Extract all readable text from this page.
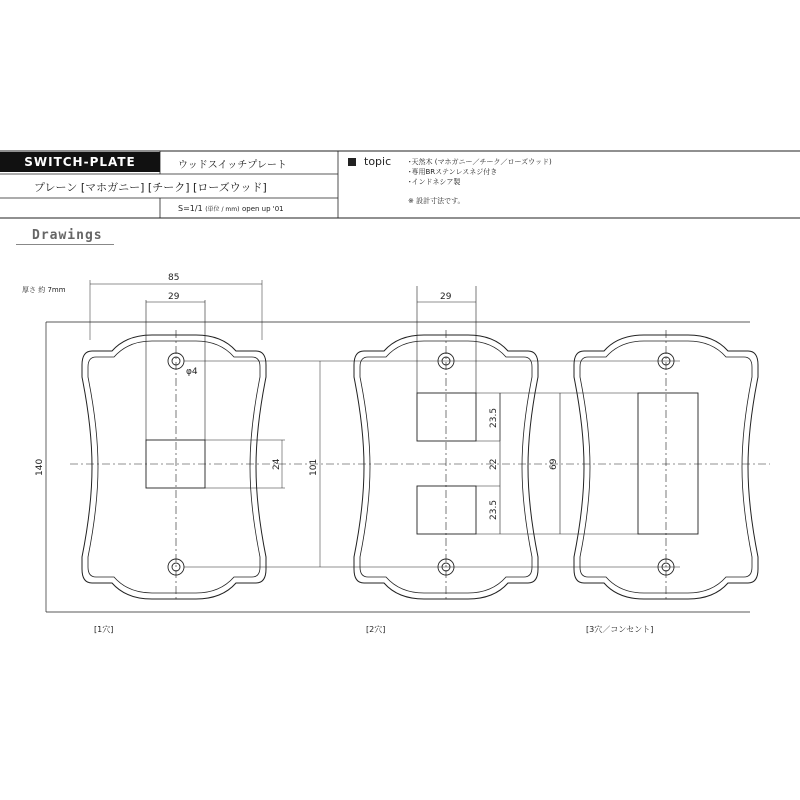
SWITCH-PLATE	ウッドスイッチプレート
プレーン [マホガニー] [チーク] [ローズウッド]
S=1/1 (単位 / mm) open up '01
topic ･天然木 (マホガニー／チーク／ローズウッド)
･専用BRステンレスネジ付き
･インドネシア製
※ 設計寸法です。
Drawings
厚さ 約 7mm
85
29	29
φ4
140	101
24
23.5
22
23.5
69
[1穴]	[2穴]	[3穴／コンセント]
